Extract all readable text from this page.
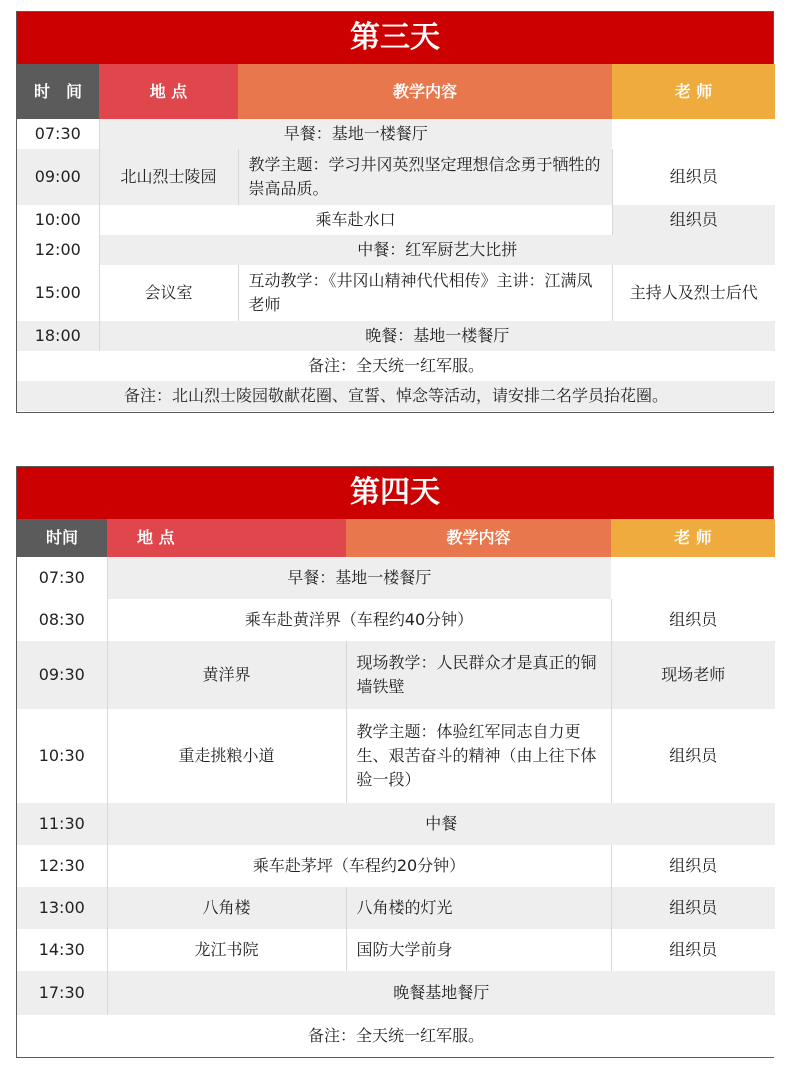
第三天
时　间	地 点	教学内容	老 师
07:30	早餐：基地一楼餐厅		
09:00	北山烈士陵园	教学主题：学习井冈英烈坚定理想信念勇于牺牲的崇高品质。	组织员
10:00	乘车赴水口		组织员
12:00	中餐：红军厨艺大比拼		
15:00	会议室	互动教学：《井冈山精神代代相传》主讲：江满凤老师	主持人及烈士后代
18:00	晚餐：基地一楼餐厅		
备注：全天统一红军服。			
备注：北山烈士陵园敬献花圈、宣誓、悼念等活动，请安排二名学员抬花圈。			
第四天
时间	地 点	教学内容	老 师
07:30	早餐：基地一楼餐厅		
08:30	乘车赴黄洋界（车程约40分钟）		组织员
09:30	黄洋界	现场教学：人民群众才是真正的铜墙铁壁	现场老师
10:30	重走挑粮小道	教学主题：体验红军同志自力更生、艰苦奋斗的精神（由上往下体验一段）	组织员
11:30	中餐		
12:30	乘车赴茅坪（车程约20分钟）		组织员
13:00	八角楼	八角楼的灯光	组织员
14:30	龙江书院	国防大学前身	组织员
17:30	晚餐基地餐厅		
备注：全天统一红军服。			
